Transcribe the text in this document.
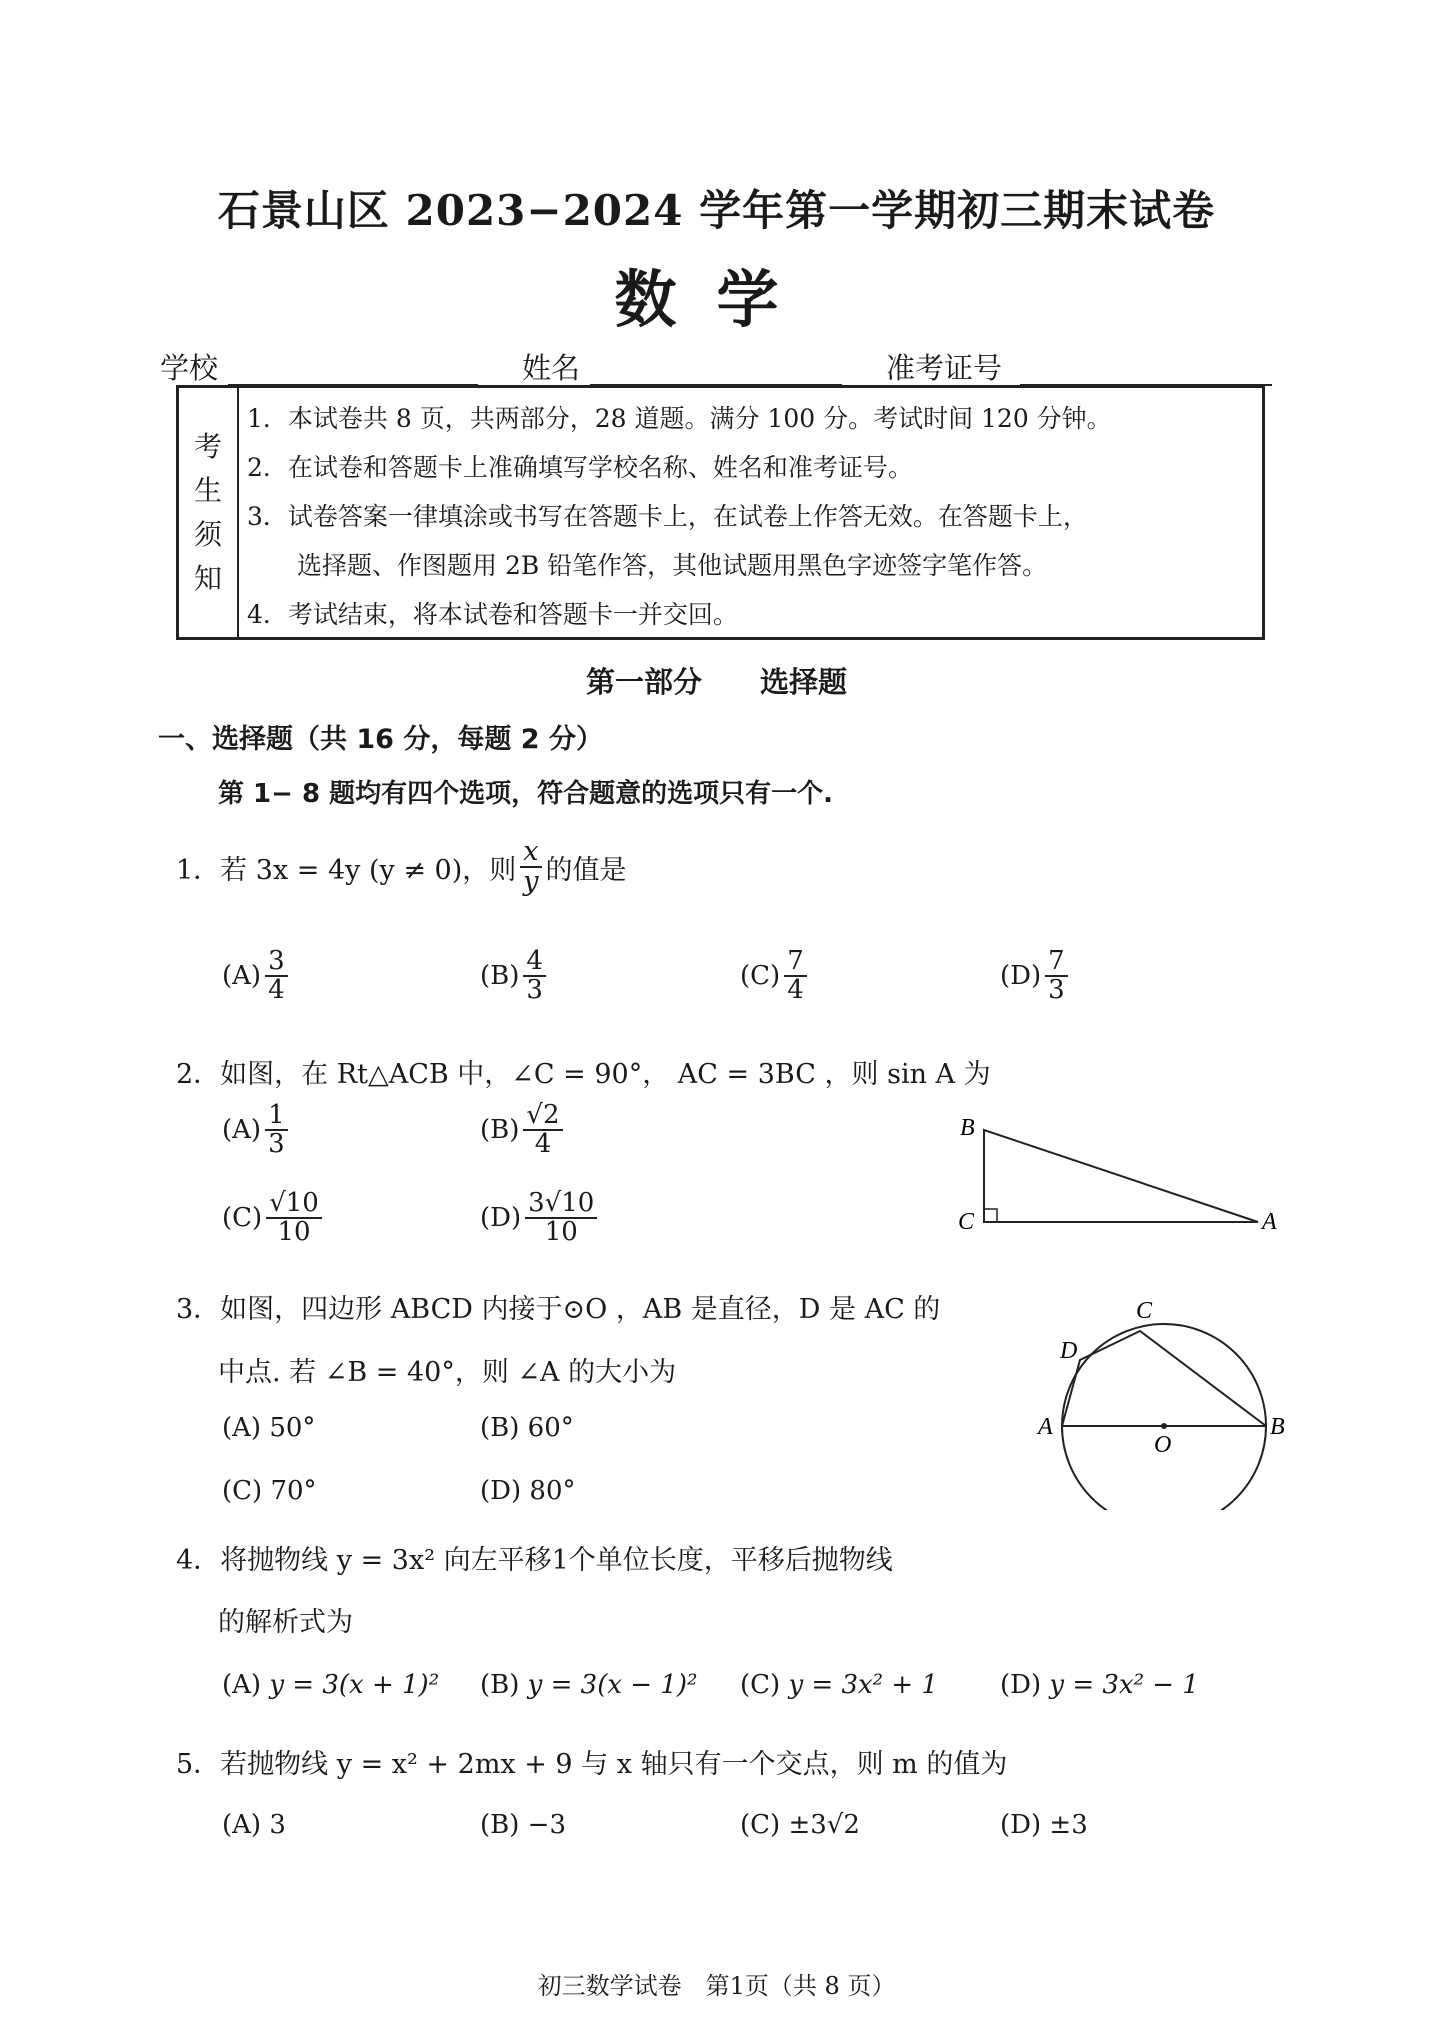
石景山区 2023−2024 学年第一学期初三期末试卷
数学
学校	姓名	准考证号
考
生
须
知
1．本试卷共 8 页，共两部分，28 道题。满分 100 分。考试时间 120 分钟。
2．在试卷和答题卡上准确填写学校名称、姓名和准考证号。
3．试卷答案一律填涂或书写在答题卡上，在试卷上作答无效。在答题卡上，
　　选择题、作图题用 2B 铅笔作答，其他试题用黑色字迹签字笔作答。
4．考试结束，将本试卷和答题卡一并交回。
第一部分　　选择题
一、选择题（共 16 分，每题 2 分）
第 1− 8 题均有四个选项，符合题意的选项只有一个.
1．若 3x = 4y (y ≠ 0)，则 $\frac{x}{y}$ 的值是
$(A) \frac{3}{4}$	$(B) \frac{4}{3}$	$(C) \frac{7}{4}$	$(D) \frac{7}{3}$
2．如图，在 Rt△ACB 中，∠C = 90°， AC = 3BC ，则 sin A 为
$(A) \frac{1}{3}$	$(B) \frac{√2}{4}$
$(C) \frac{√10}{10}$	$(D) \frac{3√10}{10}$
B
C	A
3．如图，四边形 ABCD 内接于⊙O ，AB 是直径，D 是 AC 的
中点. 若 ∠B = 40°，则 ∠A 的大小为
(A) 50°	(B) 60°
(C) 70°	(D) 80°
C
D
A
O
B
4．将抛物线 y = 3x² 向左平移1个单位长度，平移后抛物线
的解析式为
(A) y = 3(x + 1)² (B) y = 3(x − 1)² (C) y = 3x² + 1 (D) y = 3x² − 1
5．若抛物线 y = x² + 2mx + 9 与 x 轴只有一个交点，则 m 的值为
(A) 3	(B) −3	(C) ±3√2	(D) ±3
初三数学试卷　第1页（共 8 页）
